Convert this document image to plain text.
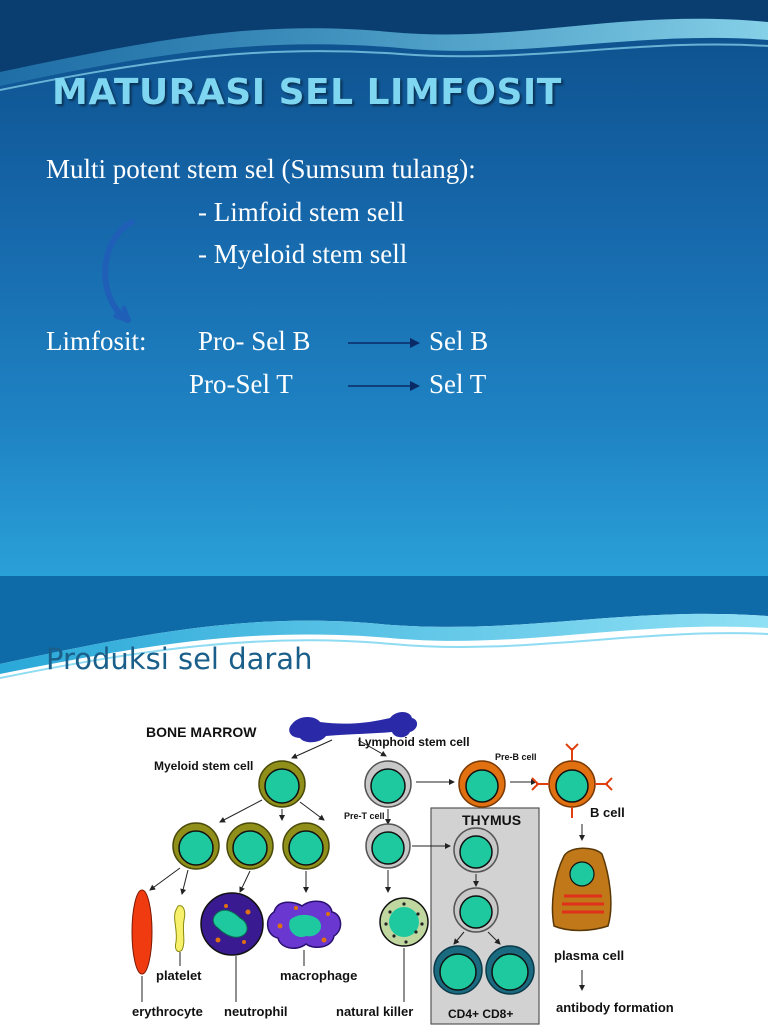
MATURASI SEL LIMFOSIT
Multi potent stem sel (Sumsum tulang):
- Limfoid stem sell
- Myeloid stem sell
Limfosit: Pro- Sel B	Sel B
Pro-Sel T	Sel T
Produksi sel darah
THYMUS
BONE MARROW
Lymphoid stem cell
Myeloid stem cell
Pre-B cell
Pre-T cell	B cell
plasma cell
antibody formation
platelet	macrophage
erythrocyte neutrophil	natural killer	CD4+ CD8+
